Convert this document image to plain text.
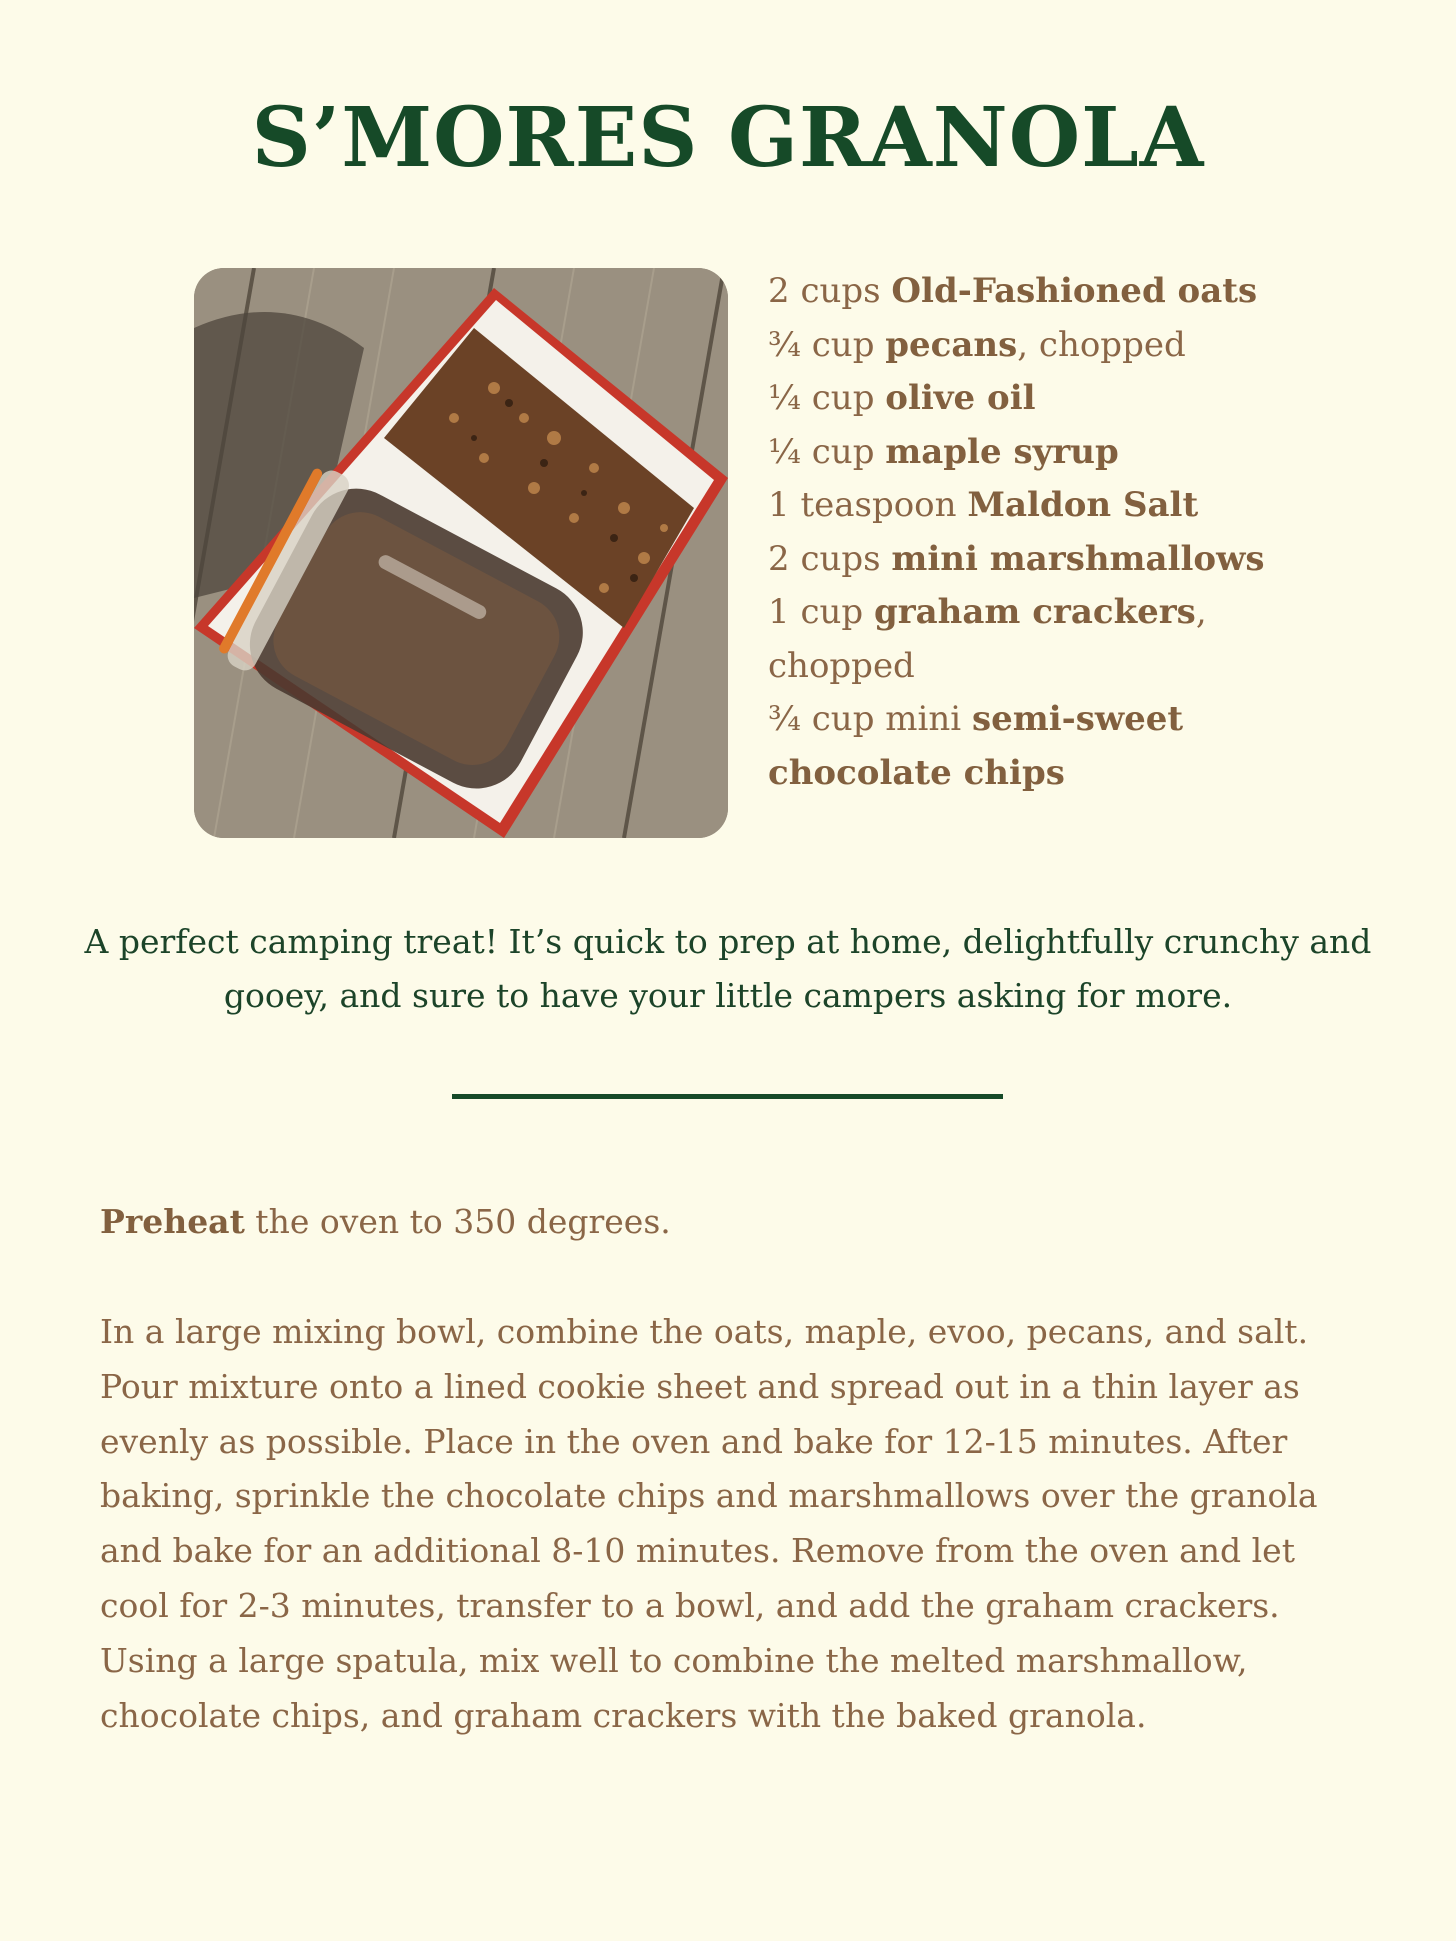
S’MORES GRANOLA
2 cups Old-Fashioned oats
¾ cup pecans, chopped
¼ cup olive oil
¼ cup maple syrup
1 teaspoon Maldon Salt
2 cups mini marshmallows
1 cup graham crackers, chopped
¾ cup mini semi-sweet chocolate chips

A perfect camping treat! It’s quick to prep at home, delightfully crunchy and gooey, and sure to have your little campers asking for more.

Preheat the oven to 350 degrees.

In a large mixing bowl, combine the oats, maple, evoo, pecans, and salt. Pour mixture onto a lined cookie sheet and spread out in a thin layer as evenly as possible. Place in the oven and bake for 12-15 minutes. After baking, sprinkle the chocolate chips and marshmallows over the granola and bake for an additional 8-10 minutes. Remove from the oven and let cool for 2-3 minutes, transfer to a bowl, and add the graham crackers. Using a large spatula, mix well to combine the melted marshmallow, chocolate chips, and graham crackers with the baked granola.
